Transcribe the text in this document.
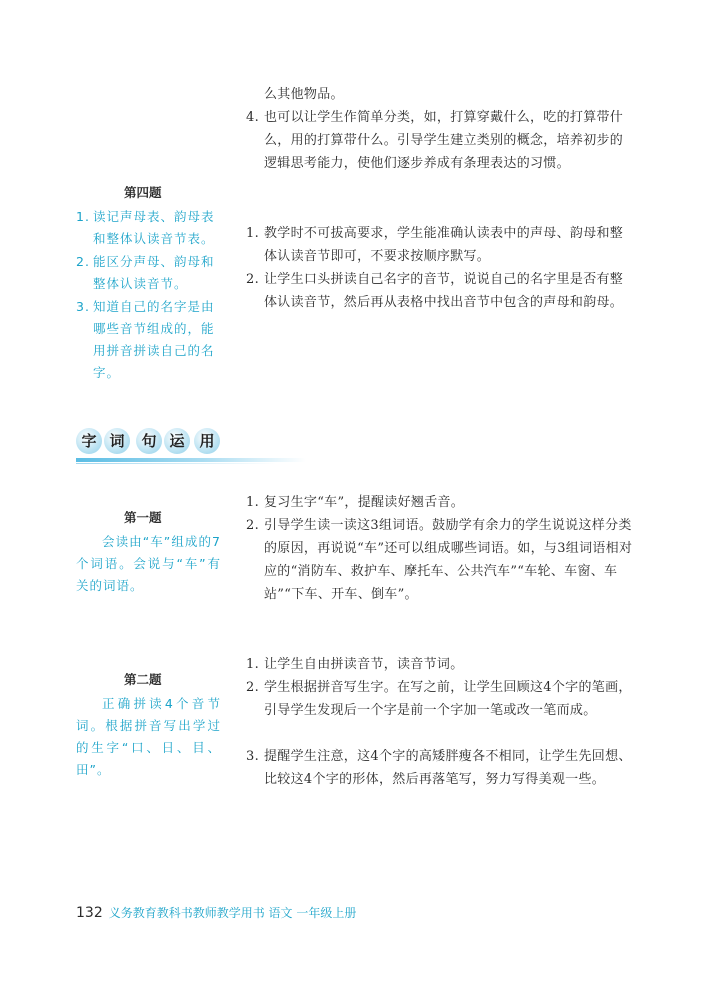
么其他物品。
4. 也可以让学生作简单分类，如，打算穿戴什么，吃的打算带什么，用的打算带什么。引导学生建立类别的概念，培养初步的逻辑思考能力，使他们逐步养成有条理表达的习惯。
第四题
1. 读记声母表、韵母表和整体认读音节表。
2. 能区分声母、韵母和整体认读音节。
3. 知道自己的名字是由哪些音节组成的，能用拼音拼读自己的名字。
1. 教学时不可拔高要求，学生能准确认读表中的声母、韵母和整体认读音节即可，不要求按顺序默写。
2. 让学生口头拼读自己名字的音节，说说自己的名字里是否有整体认读音节，然后再从表格中找出音节中包含的声母和韵母。
字 词	句 运 用
第一题
会读由“车”组成的7个词语。会说与“车”有关的词语。
1. 复习生字“车”，提醒读好翘舌音。
2. 引导学生读一读这3组词语。鼓励学有余力的学生说说这样分类的原因，再说说“车”还可以组成哪些词语。如，与3组词语相对应的“消防车、救护车、摩托车、公共汽车”“车轮、车窗、车站”“下车、开车、倒车”。
第二题
正确拼读4个音节词。根据拼音写出学过的生字“口、日、目、田”。
1. 让学生自由拼读音节，读音节词。
2. 学生根据拼音写生字。在写之前，让学生回顾这4个字的笔画，引导学生发现后一个字是前一个字加一笔或改一笔而成。
3. 提醒学生注意，这4个字的高矮胖瘦各不相同，让学生先回想、比较这4个字的形体，然后再落笔写，努力写得美观一些。
132 义务教育教科书教师教学用书 语文 一年级上册
